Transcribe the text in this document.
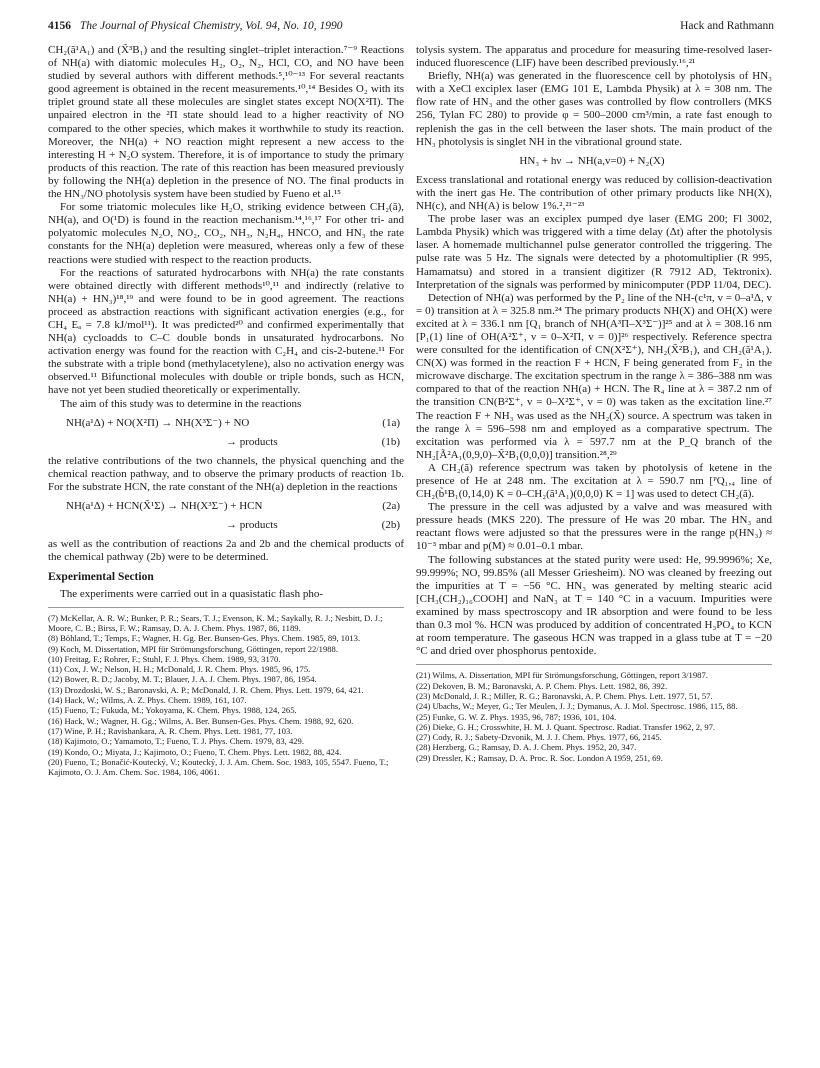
4156 The Journal of Physical Chemistry, Vol. 94, No. 10, 1990	Hack and Rathmann

CH₂(ã¹A₁) and (X̃³B₁) and the resulting singlet–triplet interaction.⁷⁻⁹ Reactions of NH(a) with diatomic molecules H₂, O₂, N₂, HCl, CO, and NO have been studied by several authors with different methods.⁵,¹⁰⁻¹³ For several reactants good agreement is obtained in the recent measurements.¹⁰,¹⁴ Besides O₂ with its triplet ground state all these molecules are singlet states except NO(X²Π). The unpaired electron in the ²Π state should lead to a higher reactivity of NO compared to the other species, which makes it worthwhile to study its reaction. Moreover, the NH(a) + NO reaction might represent a new access to the interesting H + N₂O system. Therefore, it is of importance to study the primary products of this reaction. The rate of this reaction has been measured previously by following the NH(a) depletion in the presence of NO. The final products in the HN₃/NO photolysis system have been studied by Fueno et al.¹⁵

For some triatomic molecules like H₂O, striking evidence between CH₂(ã), NH(a), and O(¹D) is found in the reaction mechanism.¹⁴,¹⁶,¹⁷ For other tri- and polyatomic molecules N₂O, NO₂, CO₂, NH₃, N₂H₄, HNCO, and HN₃ the rate constants for the NH(a) depletion were measured, whereas only a few of these reactions were studied with respect to the reaction products.

For the reactions of saturated hydrocarbons with NH(a) the rate constants were obtained directly with different methods¹⁰,¹¹ and indirectly (relative to NH(a) + HN₃)¹⁸,¹⁹ and were found to be in good agreement. The reactions proceed as abstraction reactions with significant activation energies (e.g., for CH₄ Eₐ = 7.8 kJ/mol¹¹). It was predicted²⁰ and confirmed experimentally that NH(a) cycloadds to C–C double bonds in unsaturated hydrocarbons. No activation energy was found for the reaction with C₂H₄ and cis-2-butene.¹¹ For the substrate with a triple bond (methylacetylene), also no activation energy was observed.¹¹ Bifunctional molecules with double or triple bonds, such as HCN, have not yet been studied theoretically or experimentally.

The aim of this study was to determine in the reactions

NH(a¹Δ) + NO(X²Π) → NH(X³Σ⁻) + NO	(1a)
→ products	(1b)

the relative contributions of the two channels, the physical quenching and the chemical reaction pathway, and to observe the primary products of reaction 1b. For the substrate HCN, the rate constant of the NH(a) depletion in the reactions

NH(a¹Δ) + HCN(X̃¹Σ) → NH(X³Σ⁻) + HCN	(2a)
→ products	(2b)

as well as the contribution of reactions 2a and 2b and the chemical products of the chemical pathway (2b) were to be determined.

Experimental Section

The experiments were carried out in a quasistatic flash pho-

(7) McKellar, A. R. W.; Bunker, P. R.; Sears, T. J.; Evenson, K. M.; Saykally, R. J.; Nesbitt, D. J.; Moore, C. B.; Birss, F. W.; Ramsay, D. A. J. Chem. Phys. 1987, 86, 1189.
(8) Böhland, T.; Temps, F.; Wagner, H. Gg. Ber. Bunsen-Ges. Phys. Chem. 1985, 89, 1013.
(9) Koch, M. Dissertation, MPI für Strömungsforschung, Göttingen, report 22/1988.
(10) Freitag, F.; Rohrer, F.; Stuhl, F. J. Phys. Chem. 1989, 93, 3170.
(11) Cox, J. W.; Nelson, H. H.; McDonald, J. R. Chem. Phys. 1985, 96, 175.
(12) Bower, R. D.; Jacoby, M. T.; Blauer, J. A. J. Chem. Phys. 1987, 86, 1954.
(13) Drozdoski, W. S.; Baronavski, A. P.; McDonald, J. R. Chem. Phys. Lett. 1979, 64, 421.
(14) Hack, W.; Wilms, A. Z. Phys. Chem. 1989, 161, 107.
(15) Fueno, T.; Fukuda, M.; Yokoyama, K. Chem. Phys. 1988, 124, 265.
(16) Hack, W.; Wagner, H. Gg.; Wilms, A. Ber. Bunsen-Ges. Phys. Chem. 1988, 92, 620.
(17) Wine, P. H.; Ravishankara, A. R. Chem. Phys. Lett. 1981, 77, 103.
(18) Kajimoto, O.; Yamamoto, T.; Fueno, T. J. Phys. Chem. 1979, 83, 429.
(19) Kondo, O.; Miyata, J.; Kajimoto, O.; Fueno, T. Chem. Phys. Lett. 1982, 88, 424.
(20) Fueno, T.; Bonačić-Koutecký, V.; Koutecký, J. J. Am. Chem. Soc. 1983, 105, 5547. Fueno, T.; Kajimoto, O. J. Am. Chem. Soc. 1984, 106, 4061.

tolysis system. The apparatus and procedure for measuring time-resolved laser-induced fluorescence (LIF) have been described previously.¹⁶,²¹

Briefly, NH(a) was generated in the fluorescence cell by photolysis of HN₃ with a XeCl exciplex laser (EMG 101 E, Lambda Physik) at λ = 308 nm. The flow rate of HN₃ and the other gases was controlled by flow controllers (MKS 256, Tylan FC 280) to provide φ = 500–2000 cm³/min, a rate fast enough to replenish the gas in the cell between the laser shots. The main product of the HN₃ photolysis is singlet NH in the vibrational ground state.

HN₃ + hν → NH(a,v=0) + N₂(X)

Excess translational and rotational energy was reduced by collision-deactivation with the inert gas He. The contribution of other primary products like NH(X), NH(c), and NH(A) is below 1%.²,²¹⁻²³

The probe laser was an exciplex pumped dye laser (EMG 200; Fl 3002, Lambda Physik) which was triggered with a time delay (Δt) after the photolysis laser. A homemade multichannel pulse generator controlled the triggering. The pulse rate was 5 Hz. The signals were detected by a photomultiplier (R 995, Hamamatsu) and stored in a transient digitizer (R 7912 AD, Tektronix). Interpretation of the signals was performed by minicomputer (PDP 11/04, DEC).

Detection of NH(a) was performed by the P₂ line of the NH-(c¹π, v = 0–a¹Δ, v = 0) transition at λ = 325.8 nm.²⁴ The primary products NH(X) and OH(X) were excited at λ = 336.1 nm [Q₁ branch of NH(A³Π–X³Σ⁻)]²⁵ and at λ = 308.16 nm [P₁(1) line of OH(A²Σ⁺, v = 0–X²Π, v = 0)]²⁶ respectively. Reference spectra were consulted for the identification of CN(X²Σ⁺), NH₂(X̃²B₁), and CH₂(ã¹A₁). CN(X) was formed in the reaction F + HCN, F being generated from F₂ in the microwave discharge. The excitation spectrum in the range λ = 386–388 nm was compared to that of the reaction NH(a) + HCN. The R₄ line at λ = 387.2 nm of the transition CN(B²Σ⁺, v = 0–X²Σ⁺, v = 0) was taken as the excitation line.²⁷ The reaction F + NH₃ was used as the NH₂(X̃) source. A spectrum was taken in the range λ = 596–598 nm and employed as a comparative spectrum. The excitation was performed via λ = 597.7 nm at the P_Q branch of the NH₂[Ã²A₁(0,9,0)–X̃²B₁(0,0,0)] transition.²⁸,²⁹

A CH₂(ã) reference spectrum was taken by photolysis of ketene in the presence of He at 248 nm. The excitation at λ = 590.7 nm [ᴾQ₁,₄ line of CH₂(b̃¹B₁(0,14,0) K = 0–CH₂(ã¹A₁)(0,0,0) K = 1] was used to detect CH₂(ã).

The pressure in the cell was adjusted by a valve and was measured with pressure heads (MKS 220). The pressure of He was 20 mbar. The HN₃ and reactant flows were adjusted so that the pressures were in the range p(HN₃) ≈ 10⁻³ mbar and p(M) ≈ 0.01–0.1 mbar.

The following substances at the stated purity were used: He, 99.9996%; Xe, 99.999%; NO, 99.85% (all Messer Griesheim). NO was cleaned by freezing out the impurities at T = −56 °C. HN₃ was generated by melting stearic acid [CH₃(CH₂)₁₆COOH] and NaN₃ at T = 140 °C in a vacuum. Impurities were examined by mass spectroscopy and IR absorption and were found to be less than 0.3 mol %. HCN was produced by addition of concentrated H₃PO₄ to KCN at room temperature. The gaseous HCN was trapped in a glass tube at T = −20 °C and dried over phosphorus pentoxide.

(21) Wilms, A. Dissertation, MPI für Strömungsforschung, Göttingen, report 3/1987.
(22) Dekoven, B. M.; Baronavski, A. P. Chem. Phys. Lett. 1982, 86, 392.
(23) McDonald, J. R.; Miller, R. G.; Baronavski, A. P. Chem. Phys. Lett. 1977, 51, 57.
(24) Ubachs, W.; Meyer, G.; Ter Meulen, J. J.; Dymanus, A. J. Mol. Spectrosc. 1986, 115, 88.
(25) Funke, G. W. Z. Phys. 1935, 96, 787; 1936, 101, 104.
(26) Dieke, G. H.; Crosswhite, H. M. J. Quant. Spectrosc. Radiat. Transfer 1962, 2, 97.
(27) Cody, R. J.; Sabety-Dzvonik, M. J. J. Chem. Phys. 1977, 66, 2145.
(28) Herzberg, G.; Ramsay, D. A. J. Chem. Phys. 1952, 20, 347.
(29) Dressler, K.; Ramsay, D. A. Proc. R. Soc. London A 1959, 251, 69.
